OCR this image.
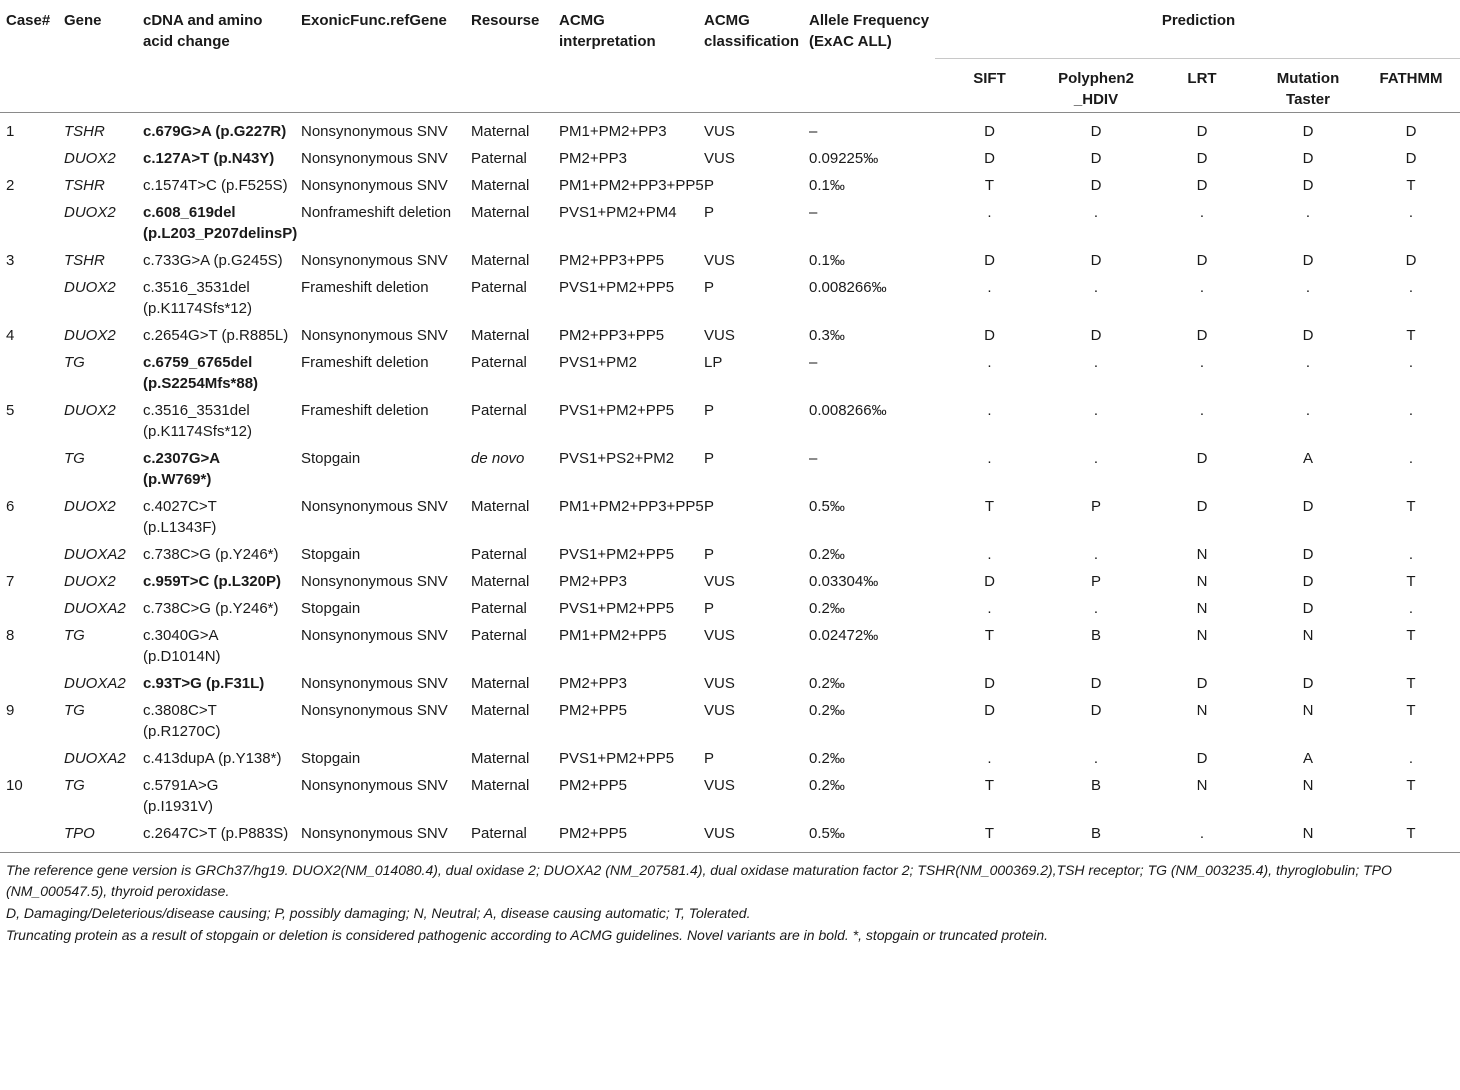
Case#	Gene	cDNA and amino acid change	ExonicFunc.refGene	Resourse	ACMG interpretation	ACMG classification	Allele Frequency (ExAC ALL)	Prediction				
								SIFT	Polyphen2 _HDIV	LRT	Mutation Taster	FATHMM
1	TSHR	c.679G>A (p.G227R)	Nonsynonymous SNV	Maternal	PM1+PM2+PP3	VUS	–	D	D	D	D	D
	DUOX2	c.127A>T (p.N43Y)	Nonsynonymous SNV	Paternal	PM2+PP3	VUS	0.09225‰	D	D	D	D	D
2	TSHR	c.1574T>C (p.F525S)	Nonsynonymous SNV	Maternal	PM1+PM2+PP3+PP5	P	0.1‰	T	D	D	D	T
	DUOX2	c.608_619del (p.L203_P207delinsP)	Nonframeshift deletion	Maternal	PVS1+PM2+PM4	P	–	.	.	.	.	.
3	TSHR	c.733G>A (p.G245S)	Nonsynonymous SNV	Maternal	PM2+PP3+PP5	VUS	0.1‰	D	D	D	D	D
	DUOX2	c.3516_3531del (p.K1174Sfs*12)	Frameshift deletion	Paternal	PVS1+PM2+PP5	P	0.008266‰	.	.	.	.	.
4	DUOX2	c.2654G>T (p.R885L)	Nonsynonymous SNV	Maternal	PM2+PP3+PP5	VUS	0.3‰	D	D	D	D	T
	TG	c.6759_6765del (p.S2254Mfs*88)	Frameshift deletion	Paternal	PVS1+PM2	LP	–	.	.	.	.	.
5	DUOX2	c.3516_3531del (p.K1174Sfs*12)	Frameshift deletion	Paternal	PVS1+PM2+PP5	P	0.008266‰	.	.	.	.	.
	TG	c.2307G>A (p.W769*)	Stopgain	de novo	PVS1+PS2+PM2	P	–	.	.	D	A	.
6	DUOX2	c.4027C>T (p.L1343F)	Nonsynonymous SNV	Maternal	PM1+PM2+PP3+PP5	P	0.5‰	T	P	D	D	T
	DUOXA2	c.738C>G (p.Y246*)	Stopgain	Paternal	PVS1+PM2+PP5	P	0.2‰	.	.	N	D	.
7	DUOX2	c.959T>C (p.L320P)	Nonsynonymous SNV	Maternal	PM2+PP3	VUS	0.03304‰	D	P	N	D	T
	DUOXA2	c.738C>G (p.Y246*)	Stopgain	Paternal	PVS1+PM2+PP5	P	0.2‰	.	.	N	D	.
8	TG	c.3040G>A (p.D1014N)	Nonsynonymous SNV	Paternal	PM1+PM2+PP5	VUS	0.02472‰	T	B	N	N	T
	DUOXA2	c.93T>G (p.F31L)	Nonsynonymous SNV	Maternal	PM2+PP3	VUS	0.2‰	D	D	D	D	T
9	TG	c.3808C>T (p.R1270C)	Nonsynonymous SNV	Maternal	PM2+PP5	VUS	0.2‰	D	D	N	N	T
	DUOXA2	c.413dupA (p.Y138*)	Stopgain	Maternal	PVS1+PM2+PP5	P	0.2‰	.	.	D	A	.
10	TG	c.5791A>G (p.I1931V)	Nonsynonymous SNV	Maternal	PM2+PP5	VUS	0.2‰	T	B	N	N	T
	TPO	c.2647C>T (p.P883S)	Nonsynonymous SNV	Paternal	PM2+PP5	VUS	0.5‰	T	B	.	N	T

The reference gene version is GRCh37/hg19. DUOX2(NM_014080.4), dual oxidase 2; DUOXA2 (NM_207581.4), dual oxidase maturation factor 2; TSHR(NM_000369.2),TSH receptor; TG (NM_003235.4), thyroglobulin; TPO (NM_000547.5), thyroid peroxidase.

D, Damaging/Deleterious/disease causing; P, possibly damaging; N, Neutral; A, disease causing automatic; T, Tolerated.

Truncating protein as a result of stopgain or deletion is considered pathogenic according to ACMG guidelines. Novel variants are in bold. *, stopgain or truncated protein.
